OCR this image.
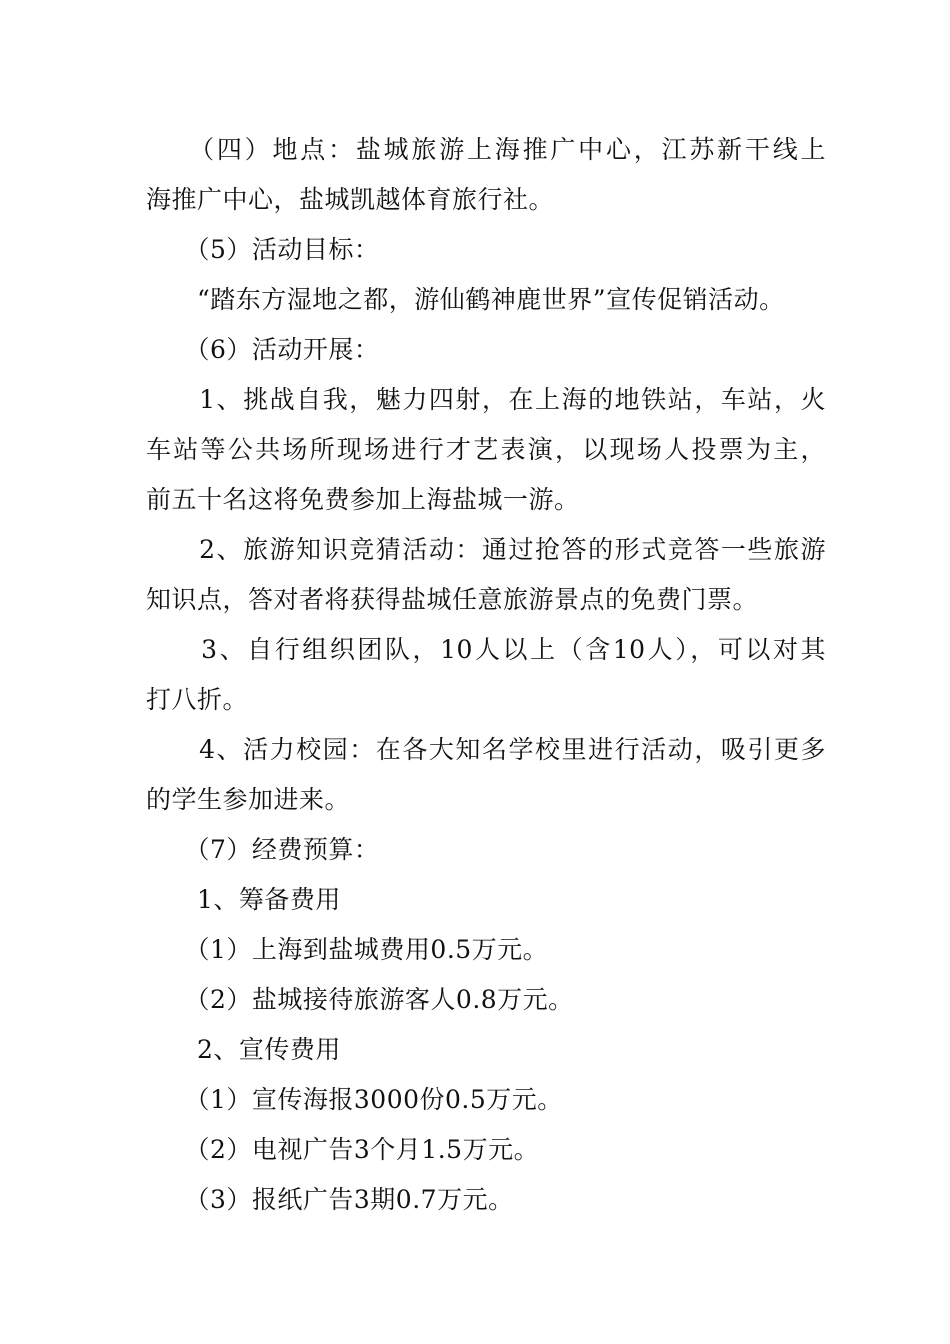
　　（四）地点：盐城旅游上海推广中心，江苏新干线上
海推广中心，盐城凯越体育旅行社。
　　（5）活动目标：
　　“踏东方湿地之都，游仙鹤神鹿世界”宣传促销活动。
　　（6）活动开展：
　　1、挑战自我，魅力四射，在上海的地铁站，车站，火
车站等公共场所现场进行才艺表演，以现场人投票为主，
前五十名这将免费参加上海盐城一游。
　　2、旅游知识竞猜活动：通过抢答的形式竞答一些旅游
知识点，答对者将获得盐城任意旅游景点的免费门票。
　　3、自行组织团队，10人以上（含10人），可以对其
打八折。
　　4、活力校园：在各大知名学校里进行活动，吸引更多
的学生参加进来。
　　（7）经费预算：
　　1、筹备费用
　　（1）上海到盐城费用0.5万元。
　　（2）盐城接待旅游客人0.8万元。
　　2、宣传费用
　　（1）宣传海报3000份0.5万元。
　　（2）电视广告3个月1.5万元。
　　（3）报纸广告3期0.7万元。
